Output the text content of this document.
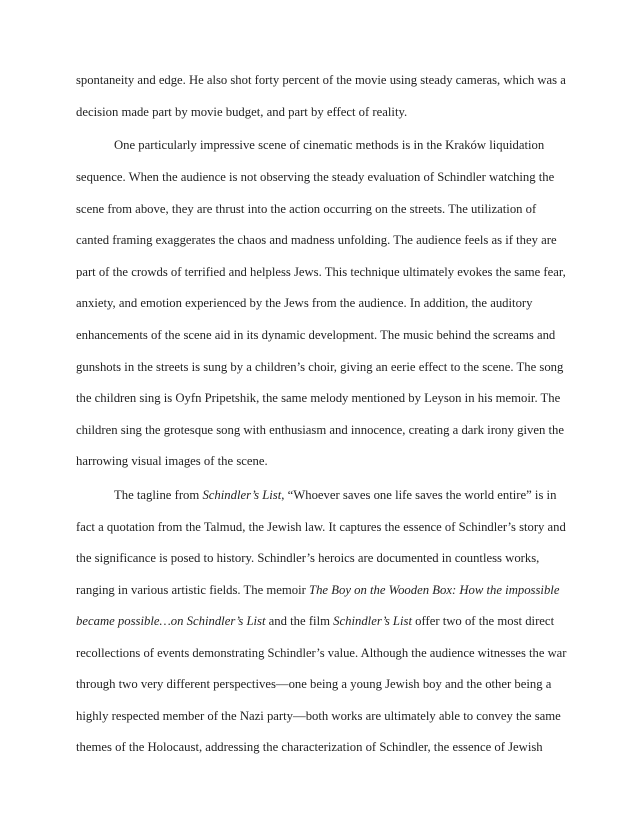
spontaneity and edge. He also shot forty percent of the movie using steady cameras, which was a
decision made part by movie budget, and part by effect of reality.
One particularly impressive scene of cinematic methods is in the Kraków liquidation
sequence. When the audience is not observing the steady evaluation of Schindler watching the
scene from above, they are thrust into the action occurring on the streets. The utilization of
canted framing exaggerates the chaos and madness unfolding. The audience feels as if they are
part of the crowds of terrified and helpless Jews. This technique ultimately evokes the same fear,
anxiety, and emotion experienced by the Jews from the audience. In addition, the auditory
enhancements of the scene aid in its dynamic development. The music behind the screams and
gunshots in the streets is sung by a children’s choir, giving an eerie effect to the scene. The song
the children sing is Oyfn Pripetshik, the same melody mentioned by Leyson in his memoir. The
children sing the grotesque song with enthusiasm and innocence, creating a dark irony given the
harrowing visual images of the scene.
The tagline from Schindler’s List, “Whoever saves one life saves the world entire” is in
fact a quotation from the Talmud, the Jewish law. It captures the essence of Schindler’s story and
the significance is posed to history. Schindler’s heroics are documented in countless works,
ranging in various artistic fields. The memoir The Boy on the Wooden Box: How the impossible
became possible…on Schindler’s List and the film Schindler’s List offer two of the most direct
recollections of events demonstrating Schindler’s value. Although the audience witnesses the war
through two very different perspectives—one being a young Jewish boy and the other being a
highly respected member of the Nazi party—both works are ultimately able to convey the same
themes of the Holocaust, addressing the characterization of Schindler, the essence of Jewish
